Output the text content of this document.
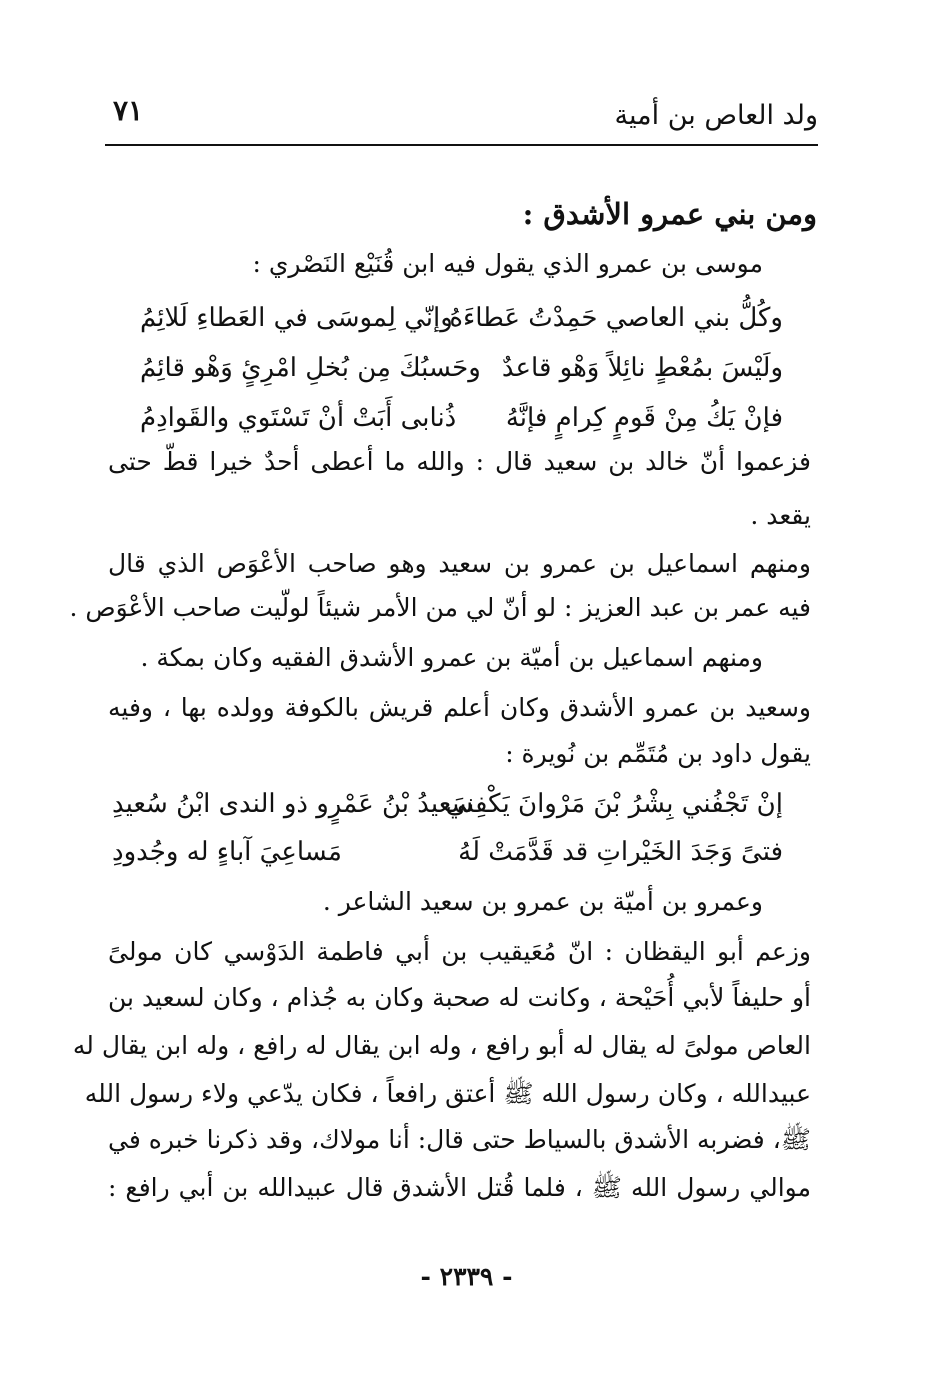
ولد العاص بن أمية
٧١
ومن بني عمرو الأشدق :
موسى بن عمرو الذي يقول فيه ابن قُنَيْع النَصْري :
وكُلُّ بني العاصي حَمِدْتُ عَطاءَهُ
وإنّي لِموسَى في العَطاءِ لَلائِمُ
ولَيْسَ بمُعْطٍ نائِلاً وَهْو قاعدٌ
وحَسبُكَ مِن بُخلِ امْرِئٍ وَهْو قائِمُ
فإنْ يَكُ مِنْ قَومٍ كِرامٍ فإنَّهُ
ذُنابى أَبَتْ أنْ تَسْتَوي والقَوادِمُ
فزعموا أنّ خالد بن سعيد قال : والله ما أعطى أحدٌ خيرا قطّ حتى
يقعد .
ومنهم اسماعيل بن عمرو بن سعيد وهو صاحب الأعْوَص الذي قال
فيه عمر بن عبد العزيز : لو أنّ لي من الأمر شيئاً لولّيت صاحب الأعْوَص .
ومنهم اسماعيل بن أميّة بن عمرو الأشدق الفقيه وكان بمكة .
وسعيد بن عمرو الأشدق وكان أعلم قريش بالكوفة وولده بها ، وفيه
يقول داود بن مُتَمِّم بن نُويرة :
إنْ تَجْفُني بِشْرُ بْنَ مَرْوانَ يَكْفِني
سَعيدُ بْنُ عَمْرٍو ذو الندى ابْنُ سُعيدِ
فتىً وَجَدَ الخَيْراتِ قد قَدَّمَتْ لَهُ
مَساعِيَ آباءٍ له وجُدودِ
وعمرو بن أميّة بن عمرو بن سعيد الشاعر .
وزعم أبو اليقظان : انّ مُعَيقيب بن أبي فاطمة الدَوْسي كان مولىً
أو حليفاً لأبي أُحَيْحة ، وكانت له صحبة وكان به جُذام ، وكان لسعيد بن
العاص مولىً له يقال له أبو رافع ، وله ابن يقال له رافع ، وله ابن يقال له
عبيدالله ، وكان رسول الله ﷺ أعتق رافعاً ، فكان يدّعي ولاء رسول الله
ﷺ، فضربه الأشدق بالسياط حتى قال: أنا مولاك، وقد ذكرنا خبره في
موالي رسول الله ﷺ ، فلما قُتل الأشدق قال عبيدالله بن أبي رافع :
- ٢٣٣٩ -
